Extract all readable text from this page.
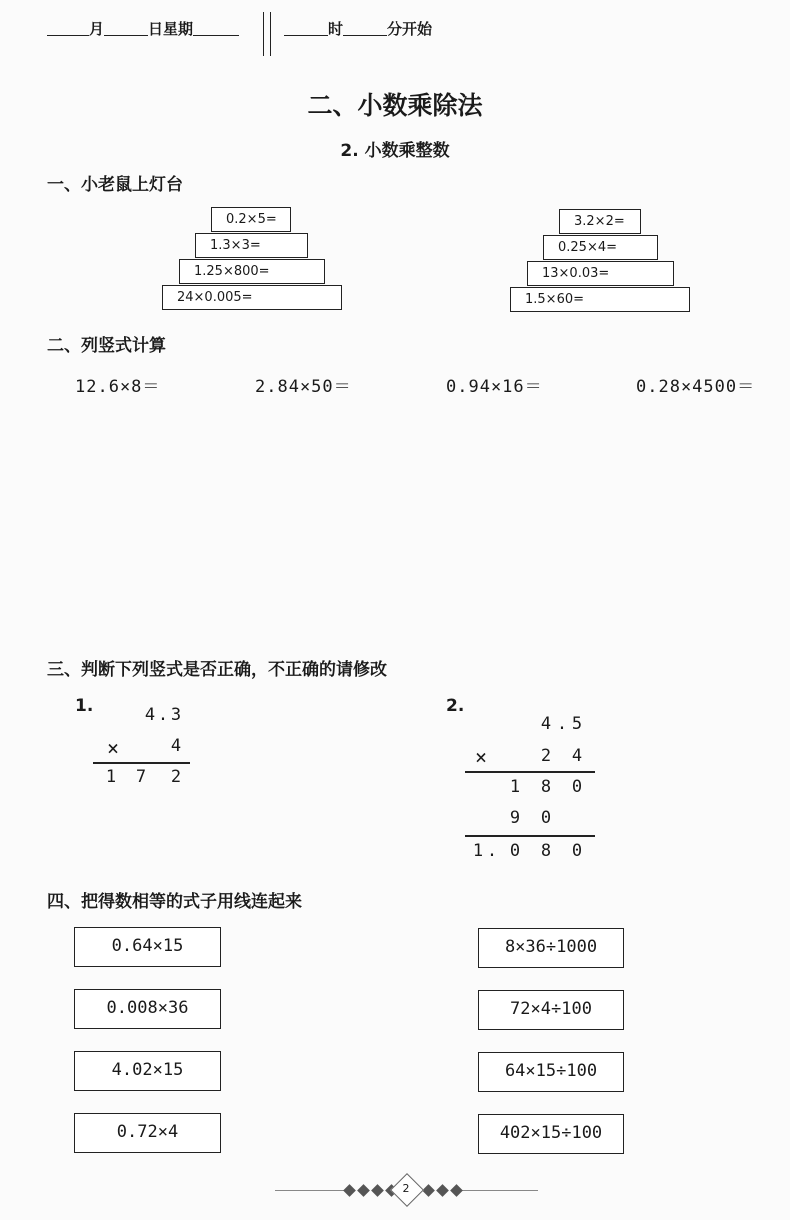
月	日星期	时	分开始
二、小数乘除法
2. 小数乘整数
一、小老鼠上灯台
0.2×5=
1.3×3=
1.25×800=
24×0.005=
3.2×2=
0.25×4=
13×0.03=
1.5×60=
二、列竖式计算
12.6×8＝	2.84×50＝	0.94×16＝	0.28×4500＝
三、判断下列竖式是否正确，不正确的请修改
1.	4 . 3
×	4
1 7 2
2.
4 . 5
×	2 4
1 8 0
9 0
1 . 0 8 0
四、把得数相等的式子用线连起来
0.64×15
0.008×36
4.02×15
0.72×4
8×36÷1000
72×4÷100
64×15÷100
402×15÷100
2
